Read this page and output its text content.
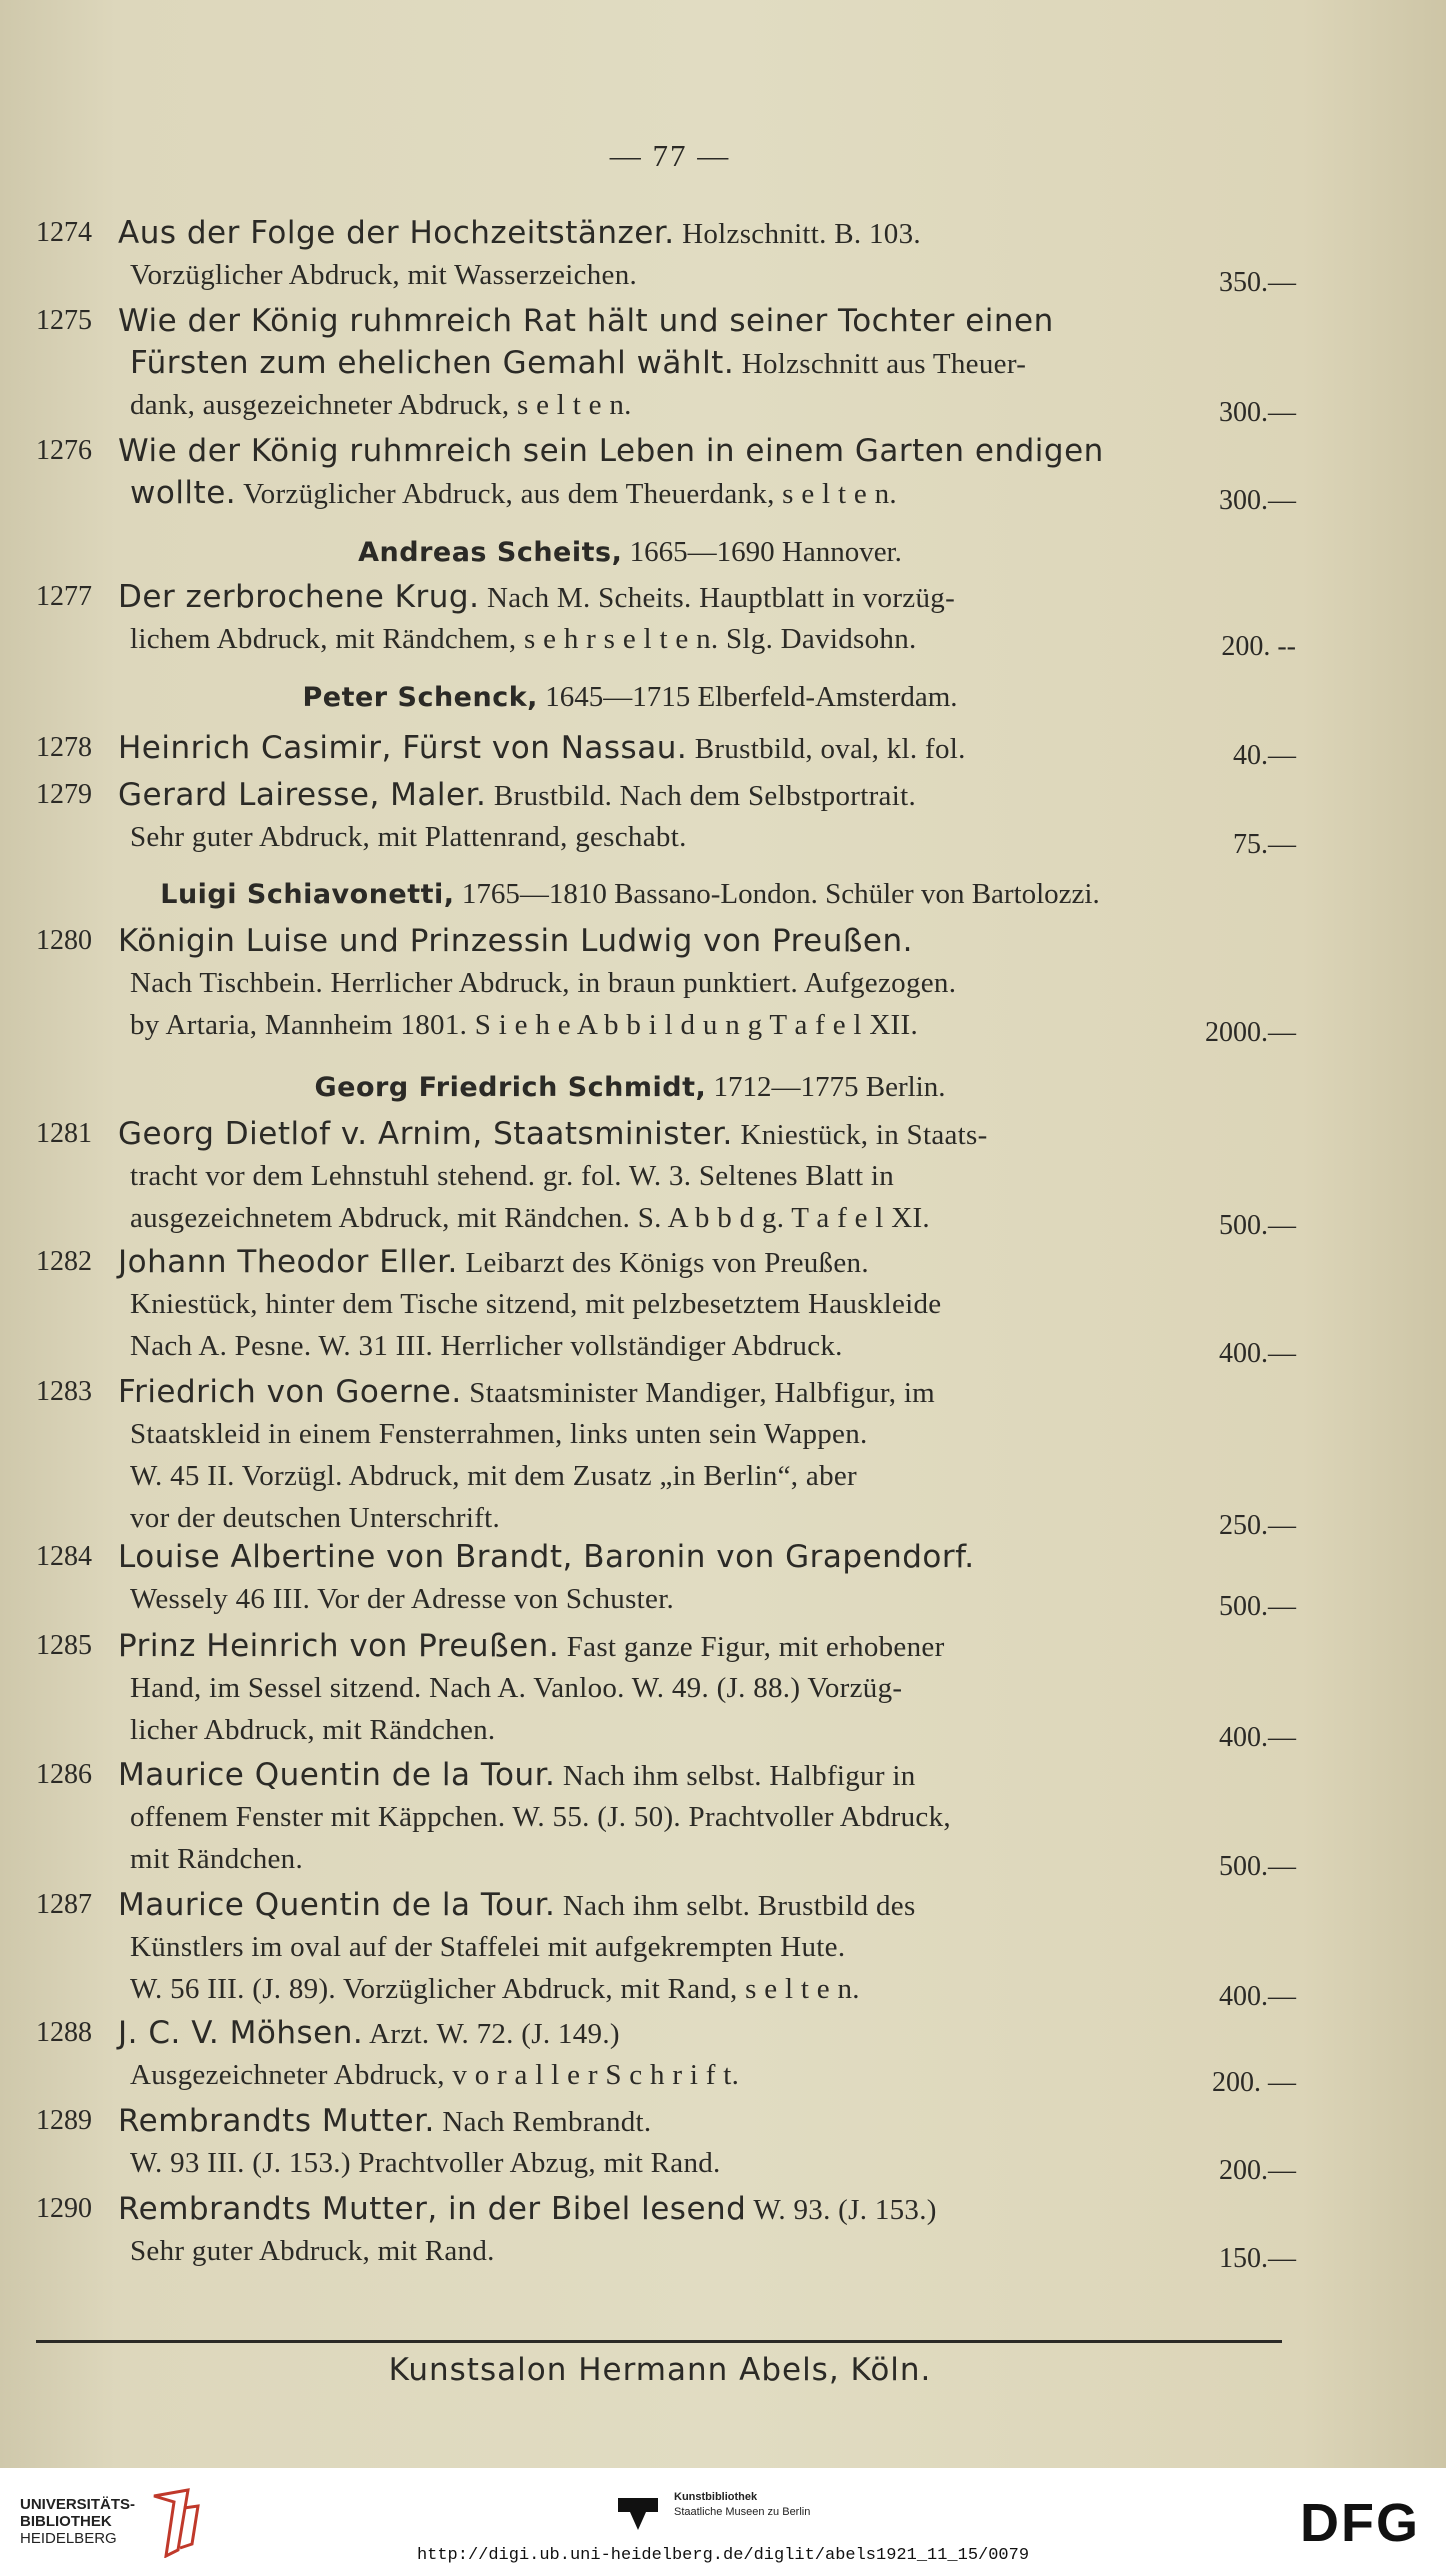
— 77 —
1274 Aus der Folge der Hochzeitstänzer. Holzschnitt. B. 103.
Vorzüglicher Abdruck, mit Wasserzeichen.	350.—
1275 Wie der König ruhmreich Rat hält und seiner Tochter einen
Fürsten zum ehelichen Gemahl wählt. Holzschnitt aus Theuer-
dank, ausgezeichneter Abdruck, s e l t e n.	300.—
1276 Wie der König ruhmreich sein Leben in einem Garten endigen
wollte. Vorzüglicher Abdruck, aus dem Theuerdank, s e l t e n.	300.—
1277 Der zerbrochene Krug. Nach M. Scheits. Hauptblatt in vorzüg-
lichem Abdruck, mit Rändchem, s e h r s e l t e n. Slg. Davidsohn.	200. --
1278 Heinrich Casimir, Fürst von Nassau. Brustbild, oval, kl. fol.	40.—
1279 Gerard Lairesse, Maler. Brustbild. Nach dem Selbstportrait.
Sehr guter Abdruck, mit Plattenrand, geschabt.	75.—
1280 Königin Luise und Prinzessin Ludwig von Preußen.
Nach Tischbein. Herrlicher Abdruck, in braun punktiert. Aufgezogen.
by Artaria, Mannheim 1801. S i e h e A b b i l d u n g T a f e l XII.	2000.—
1281 Georg Dietlof v. Arnim, Staatsminister. Kniestück, in Staats-
tracht vor dem Lehnstuhl stehend. gr. fol. W. 3. Seltenes Blatt in
ausgezeichnetem Abdruck, mit Rändchen. S. A b b d g. T a f e l XI.	500.—
1282 Johann Theodor Eller. Leibarzt des Königs von Preußen.
Kniestück, hinter dem Tische sitzend, mit pelzbesetztem Hauskleide
Nach A. Pesne. W. 31 III. Herrlicher vollständiger Abdruck.	400.—
1283 Friedrich von Goerne. Staatsminister Mandiger, Halbfigur, im
Staatskleid in einem Fensterrahmen, links unten sein Wappen.
W. 45 II. Vorzügl. Abdruck, mit dem Zusatz „in Berlin“, aber
vor der deutschen Unterschrift.	250.—
1284 Louise Albertine von Brandt, Baronin von Grapendorf.
Wessely 46 III. Vor der Adresse von Schuster.	500.—
1285 Prinz Heinrich von Preußen. Fast ganze Figur, mit erhobener
Hand, im Sessel sitzend. Nach A. Vanloo. W. 49. (J. 88.) Vorzüg-
licher Abdruck, mit Rändchen.	400.—
1286 Maurice Quentin de la Tour. Nach ihm selbst. Halbfigur in
offenem Fenster mit Käppchen. W. 55. (J. 50). Prachtvoller Abdruck,
mit Rändchen.	500.—
1287 Maurice Quentin de la Tour. Nach ihm selbt. Brustbild des
Künstlers im oval auf der Staffelei mit aufgekrempten Hute.
W. 56 III. (J. 89). Vorzüglicher Abdruck, mit Rand, s e l t e n.	400.—
1288 J. C. V. Möhsen. Arzt. W. 72. (J. 149.)
Ausgezeichneter Abdruck, v o r a l l e r S c h r i f t.	200. —
1289 Rembrandts Mutter. Nach Rembrandt.
W. 93 III. (J. 153.) Prachtvoller Abzug, mit Rand.	200.—
1290 Rembrandts Mutter, in der Bibel lesend W. 93. (J. 153.)
Sehr guter Abdruck, mit Rand.	150.—
Andreas Scheits, 1665—1690 Hannover.
Peter Schenck, 1645—1715 Elberfeld-Amsterdam.
Luigi Schiavonetti, 1765—1810 Bassano-London. Schüler von Bartolozzi.
Georg Friedrich Schmidt, 1712—1775 Berlin.
Kunstsalon Hermann Abels, Köln.
UNIVERSITÄTS-
BIBLIOTHEK
HEIDELBERG
Kunstbibliothek
Staatliche Museen zu Berlin	DFG
http://digi.ub.uni-heidelberg.de/diglit/abels1921_11_15/0079
